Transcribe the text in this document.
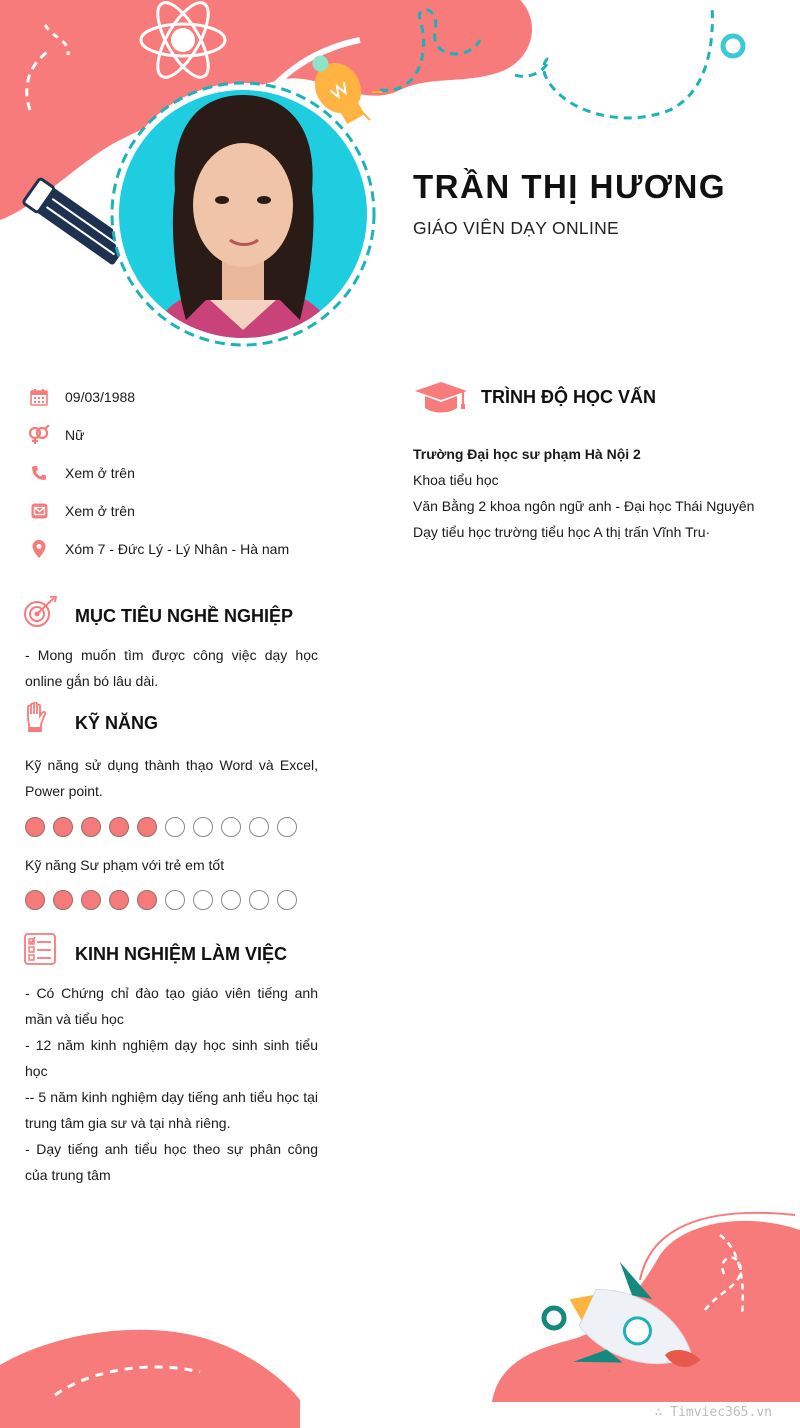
TRẦN THỊ HƯƠNG
GIÁO VIÊN DẠY ONLINE
09/03/1988
Nữ
Xem ở trên
Xem ở trên
Xóm 7 - Đức Lý - Lý Nhân - Hà nam
MỤC TIÊU NGHỀ NGHIỆP

- Mong muốn tìm được công việc dạy học online gắn bó lâu dài.

KỸ NĂNG

Kỹ năng sử dụng thành thạo Word và Excel, Power point.

Kỹ năng Sư phạm với trẻ em tốt

KINH NGHIỆM LÀM VIỆC

- Có Chứng chỉ đào tạo giáo viên tiếng anh mần và tiểu học

- 12 năm kinh nghiệm dạy học sinh sinh tiểu học

-- 5 năm kinh nghiệm dạy tiếng anh tiểu học tại trung tâm gia sư và tại nhà riêng.

- Dạy tiếng anh tiểu học theo sự phân công của trung tâm

TRÌNH ĐỘ HỌC VẤN
Trường Đại học sư phạm Hà Nội 2
Khoa tiểu học
Văn Bằng 2 khoa ngôn ngữ anh - Đại học Thái Nguyên
Dạy tiểu học trường tiểu học A thị trấn Vĩnh Tru·
∴ Timviec365.vn
